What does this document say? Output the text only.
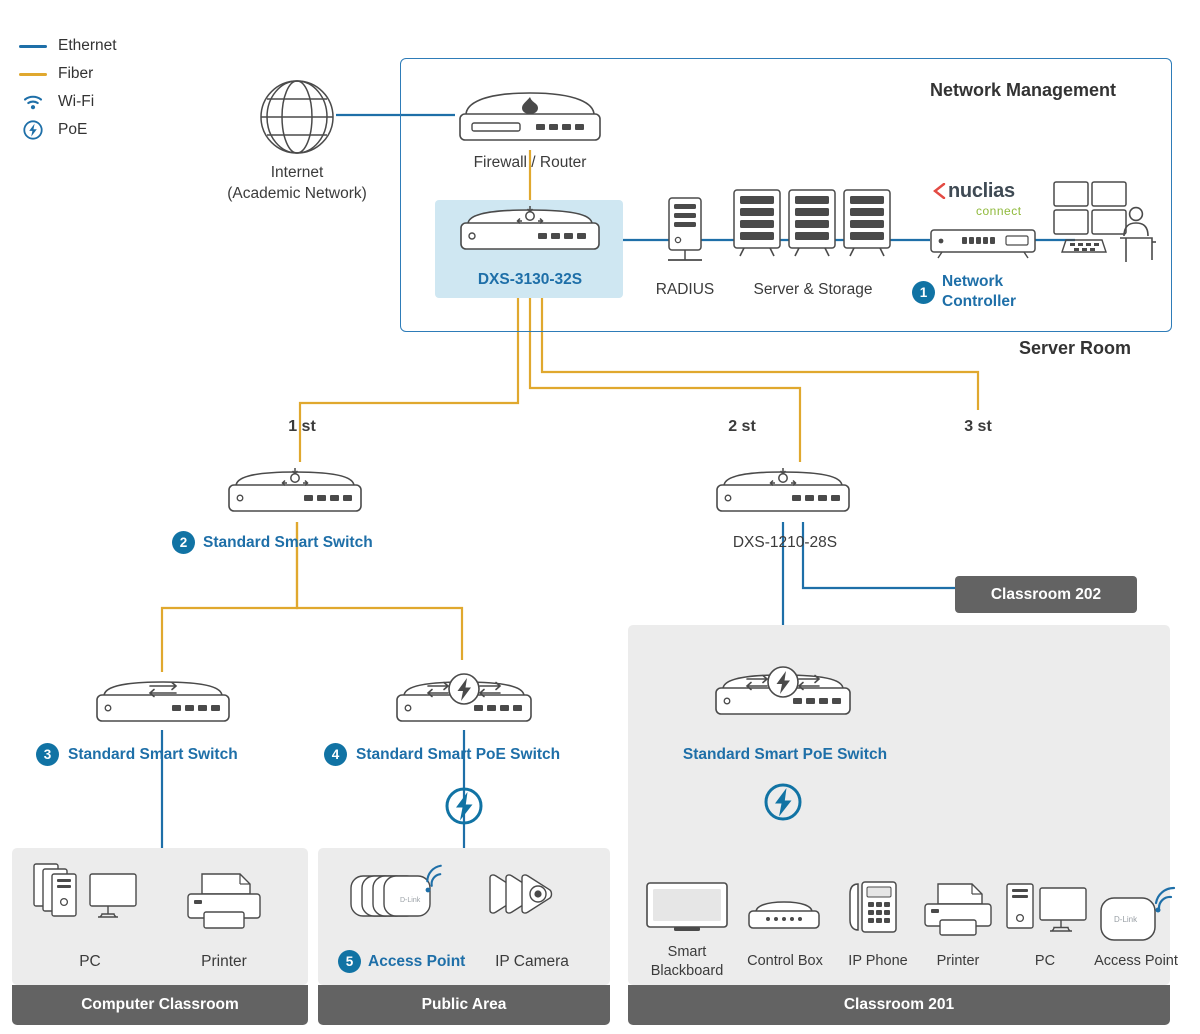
Ethernet
Fiber
Wi-Fi
PoE
Network Management
Server Room
Internet
(Academic Network)
Firewall / Router
DXS-3130-32S
RADIUS	Server & Storage
nuclias
connect
1
Network
Controller
1 st	2 st	3 st
2	Standard Smart Switch	DXS-1210-28S
Classroom 202
Classroom 201
Computer Classroom	Public Area
3	Standard Smart Switch	4	Standard Smart PoE Switch	Standard Smart PoE Switch
PC	Printer
D-Link
5 Access Point	IP Camera
Smart
Blackboard
Control Box	IP Phone	Printer	PC
D-Link
Access Point
